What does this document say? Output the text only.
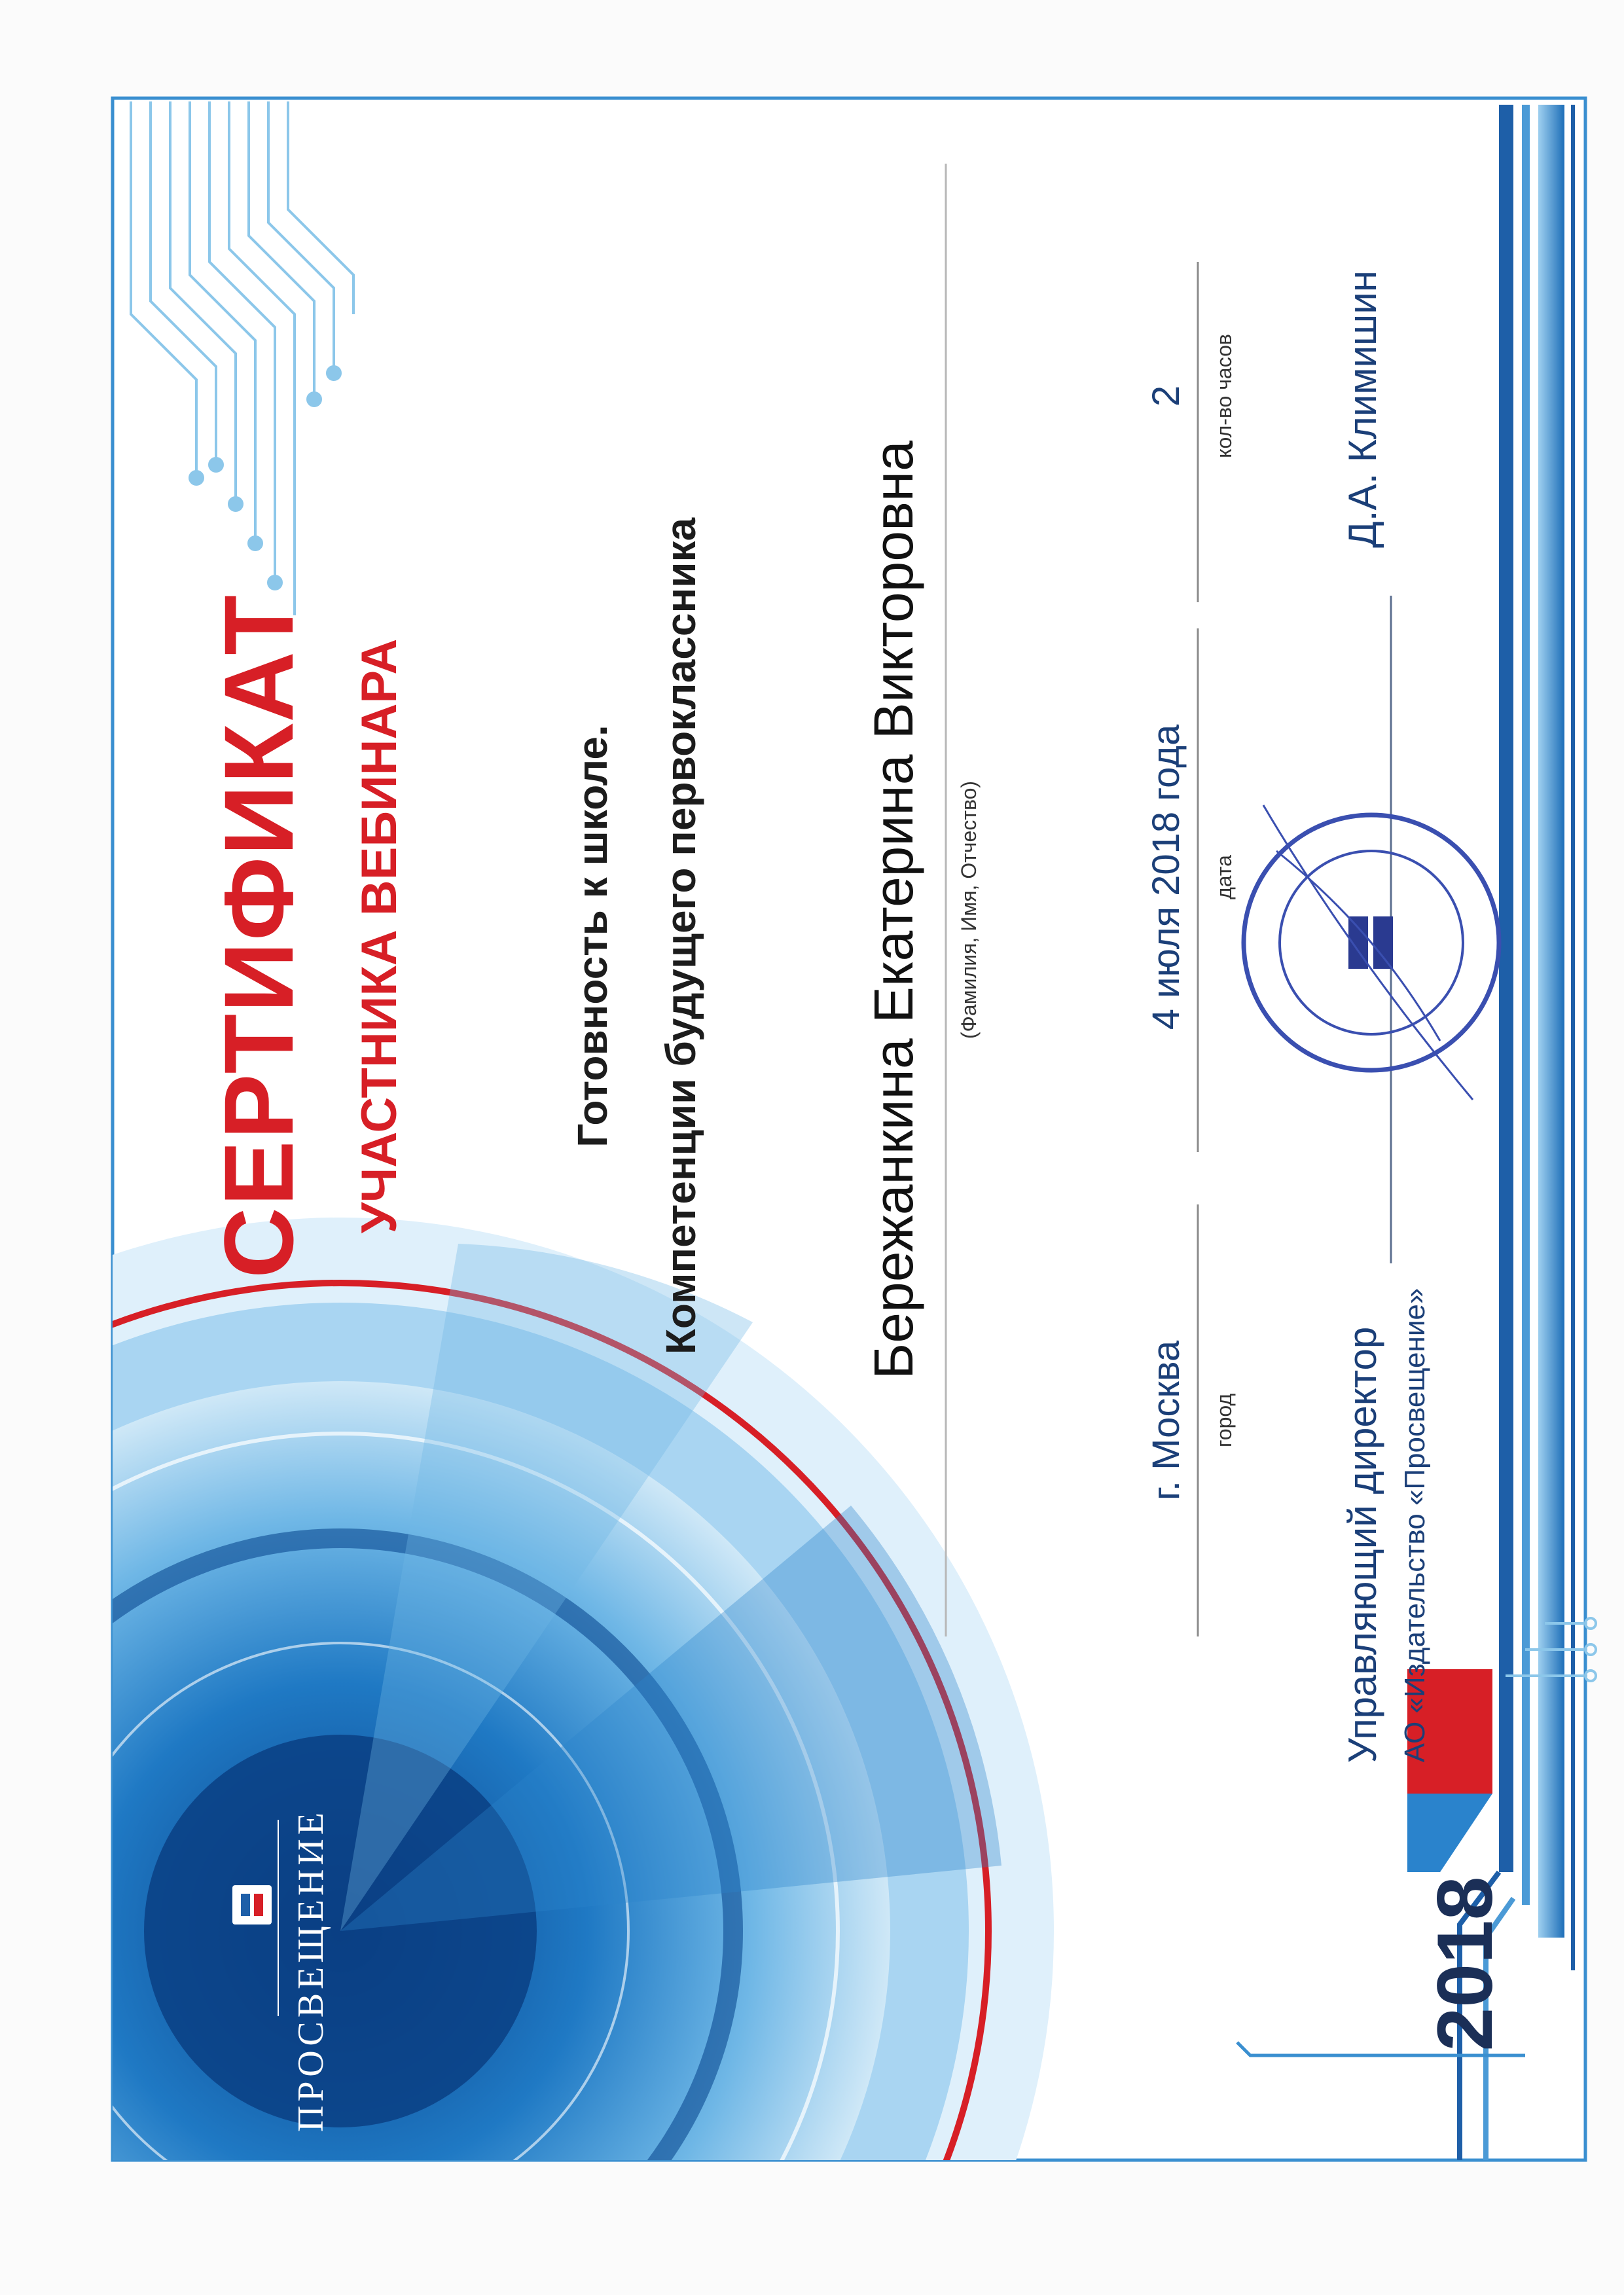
СЕРТИФИКАТ УЧАСТНИКА ВЕБИНАРА	Готовность к школе. Компетенции будущего первоклассника	Бережанкина Екатерина Викторовна (Фамилия, Имя, Отчество)
г. Москва город
4 июля 2018 года дата
2 кол-во часов
Управляющий директор АО «Издательство «Просвещение»
Д.А. Климишин
2018
ПРОСВЕЩЕНИЕ
